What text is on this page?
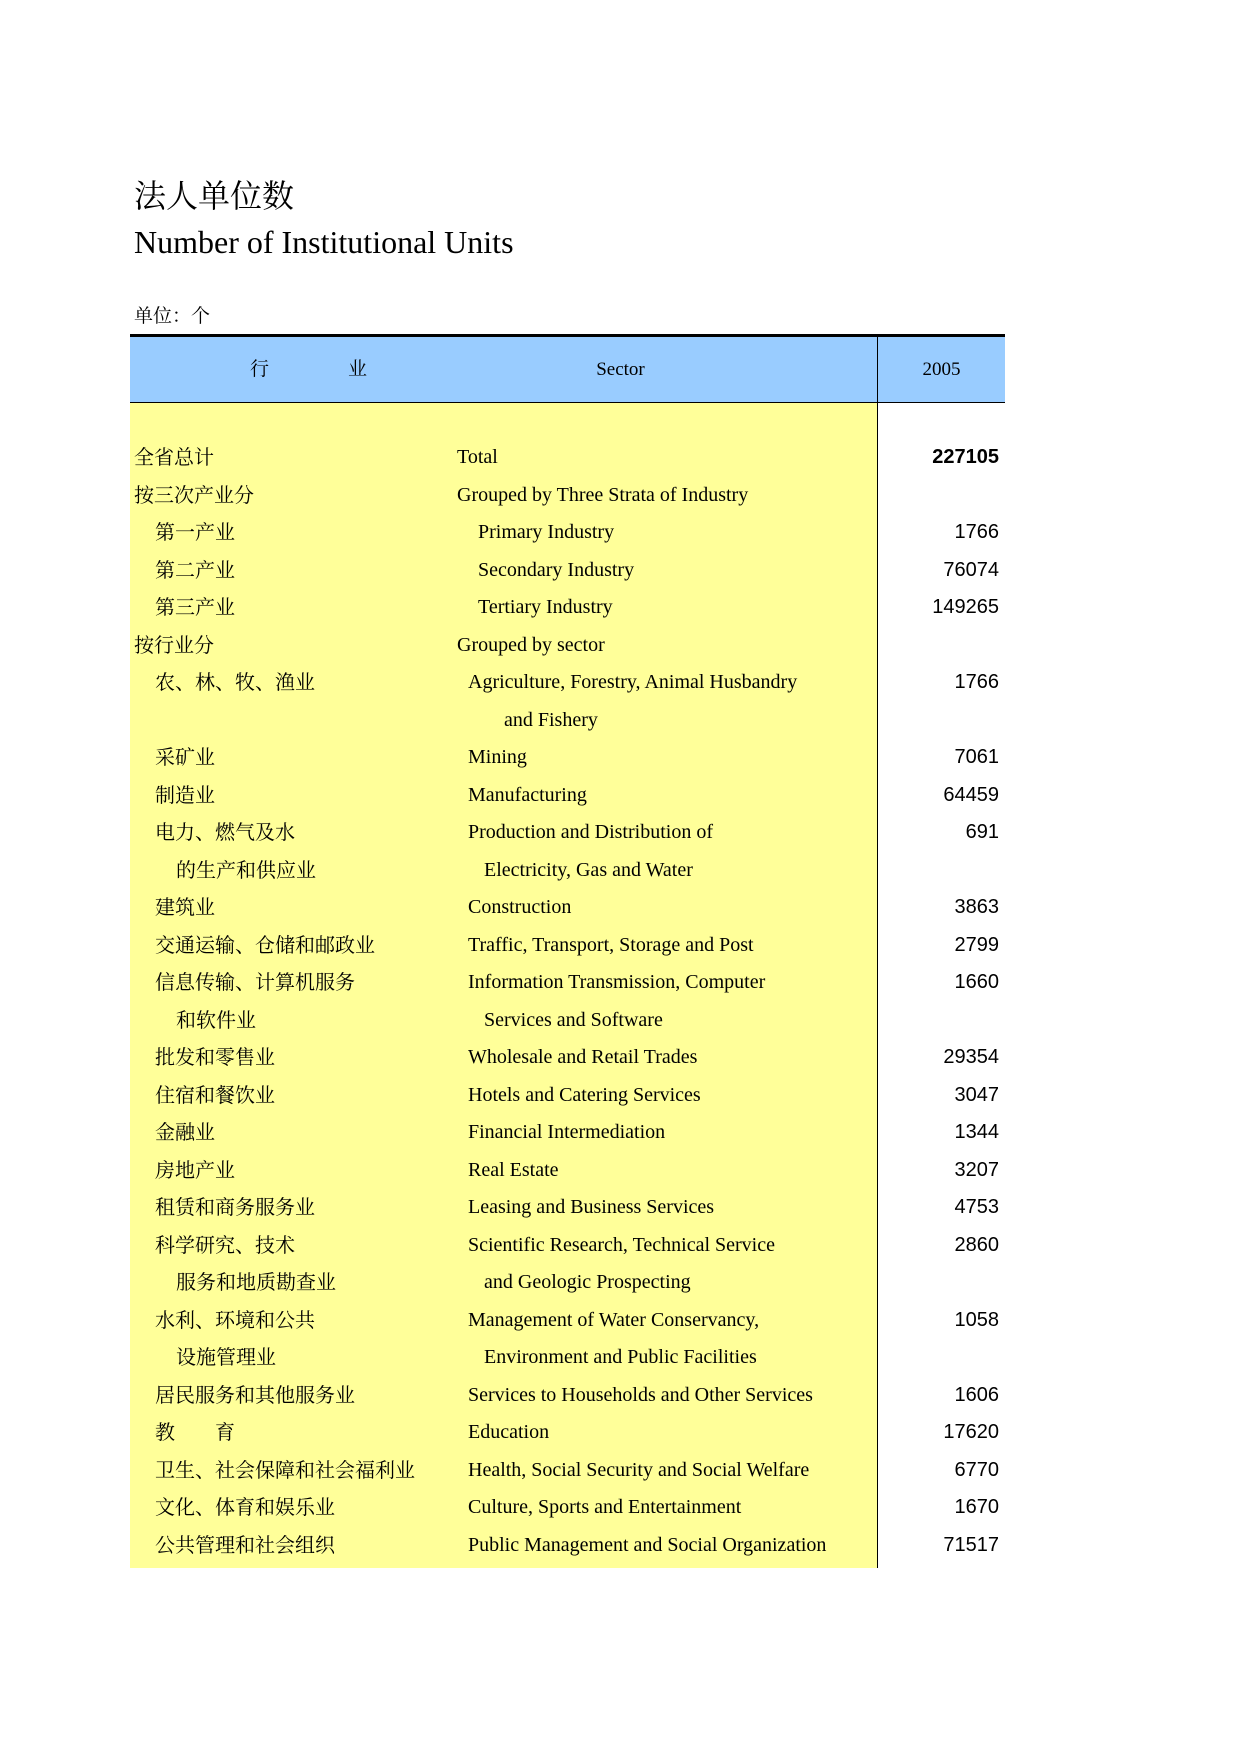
法人单位数
Number of Institutional Units
单位：个
行　业	Sector	2005
全省总计	Total	227105
按三次产业分	Grouped by Three Strata of Industry
第一产业	Primary Industry	1766
第二产业	Secondary Industry	76074
第三产业	Tertiary Industry	149265
按行业分	Grouped by sector
农、林、牧、渔业	Agriculture, Forestry, Animal Husbandry	1766
and Fishery
采矿业	Mining	7061
制造业	Manufacturing	64459
电力、燃气及水	Production and Distribution of	691
的生产和供应业	Electricity, Gas and Water
建筑业	Construction	3863
交通运输、仓储和邮政业	Traffic, Transport, Storage and Post	2799
信息传输、计算机服务	Information Transmission, Computer	1660
和软件业	Services and Software
批发和零售业	Wholesale and Retail Trades	29354
住宿和餐饮业	Hotels and Catering Services	3047
金融业	Financial Intermediation	1344
房地产业	Real Estate	3207
租赁和商务服务业	Leasing and Business Services	4753
科学研究、技术	Scientific Research, Technical Service	2860
服务和地质勘查业	and Geologic Prospecting
水利、环境和公共	Management of Water Conservancy,	1058
设施管理业	Environment and Public Facilities
居民服务和其他服务业	Services to Households and Other Services	1606
教　　育	Education	17620
卫生、社会保障和社会福利业	Health, Social Security and Social Welfare	6770
文化、体育和娱乐业	Culture, Sports and Entertainment	1670
公共管理和社会组织	Public Management and Social Organization	71517
